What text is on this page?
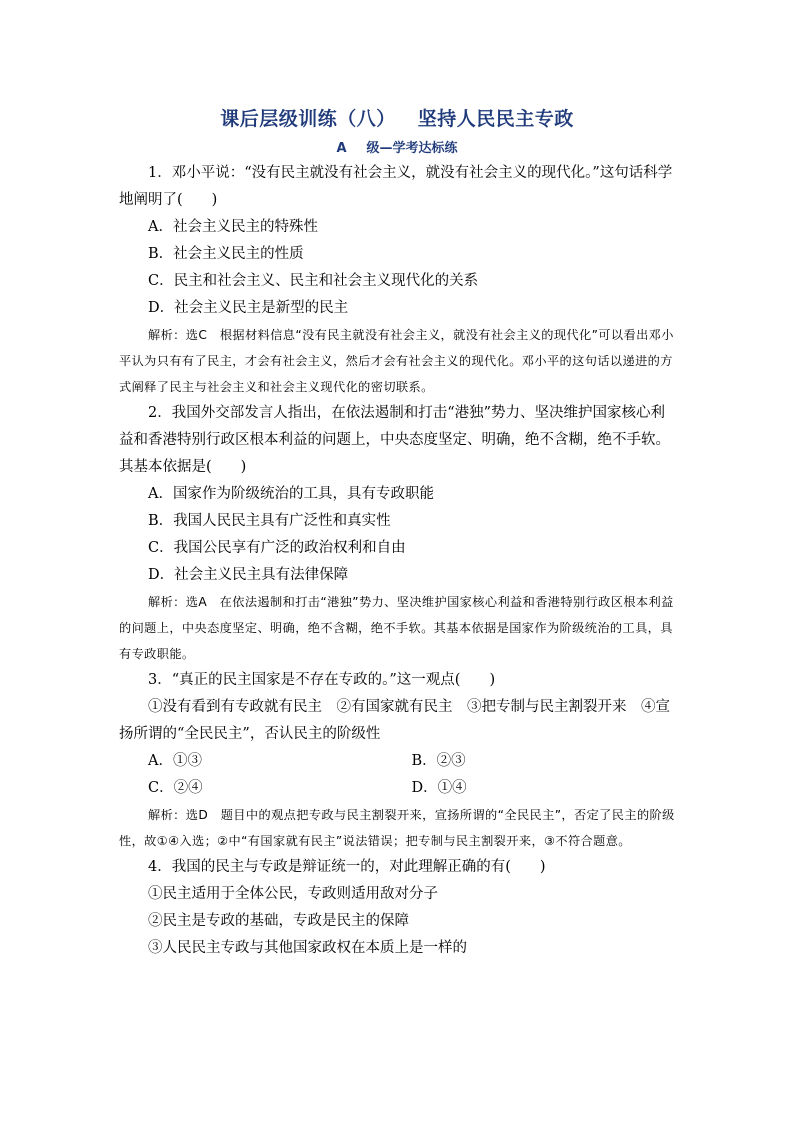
课后层级训练（八） 坚持人民民主专政
A 级—学考达标练

1．邓小平说：“没有民主就没有社会主义，就没有社会主义的现代化。”这句话科学地阐明了(　　)

A．社会主义民主的特殊性

B．社会主义民主的性质

C．民主和社会主义、民主和社会主义现代化的关系

D．社会主义民主是新型的民主

解析：选C　根据材料信息“没有民主就没有社会主义，就没有社会主义的现代化”可以看出邓小平认为只有有了民主，才会有社会主义，然后才会有社会主义的现代化。邓小平的这句话以递进的方式阐释了民主与社会主义和社会主义现代化的密切联系。

2．我国外交部发言人指出，在依法遏制和打击“港独”势力、坚决维护国家核心利益和香港特别行政区根本利益的问题上，中央态度坚定、明确，绝不含糊，绝不手软。其基本依据是(　　)

A．国家作为阶级统治的工具，具有专政职能

B．我国人民民主具有广泛性和真实性

C．我国公民享有广泛的政治权利和自由

D．社会主义民主具有法律保障

解析：选A　在依法遏制和打击“港独”势力、坚决维护国家核心利益和香港特别行政区根本利益的问题上，中央态度坚定、明确，绝不含糊，绝不手软。其基本依据是国家作为阶级统治的工具，具有专政职能。

3．“真正的民主国家是不存在专政的。”这一观点(　　)

①没有看到有专政就有民主　②有国家就有民主　③把专制与民主割裂开来　④宣扬所谓的“全民民主”，否认民主的阶级性

A．①③	B．②③
C．②④	D．①④

解析：选D　题目中的观点把专政与民主割裂开来，宣扬所谓的“全民民主”，否定了民主的阶级性，故①④入选；②中“有国家就有民主”说法错误；把专制与民主割裂开来，③不符合题意。

4．我国的民主与专政是辩证统一的，对此理解正确的有(　　)

①民主适用于全体公民，专政则适用敌对分子

②民主是专政的基础，专政是民主的保障

③人民民主专政与其他国家政权在本质上是一样的
